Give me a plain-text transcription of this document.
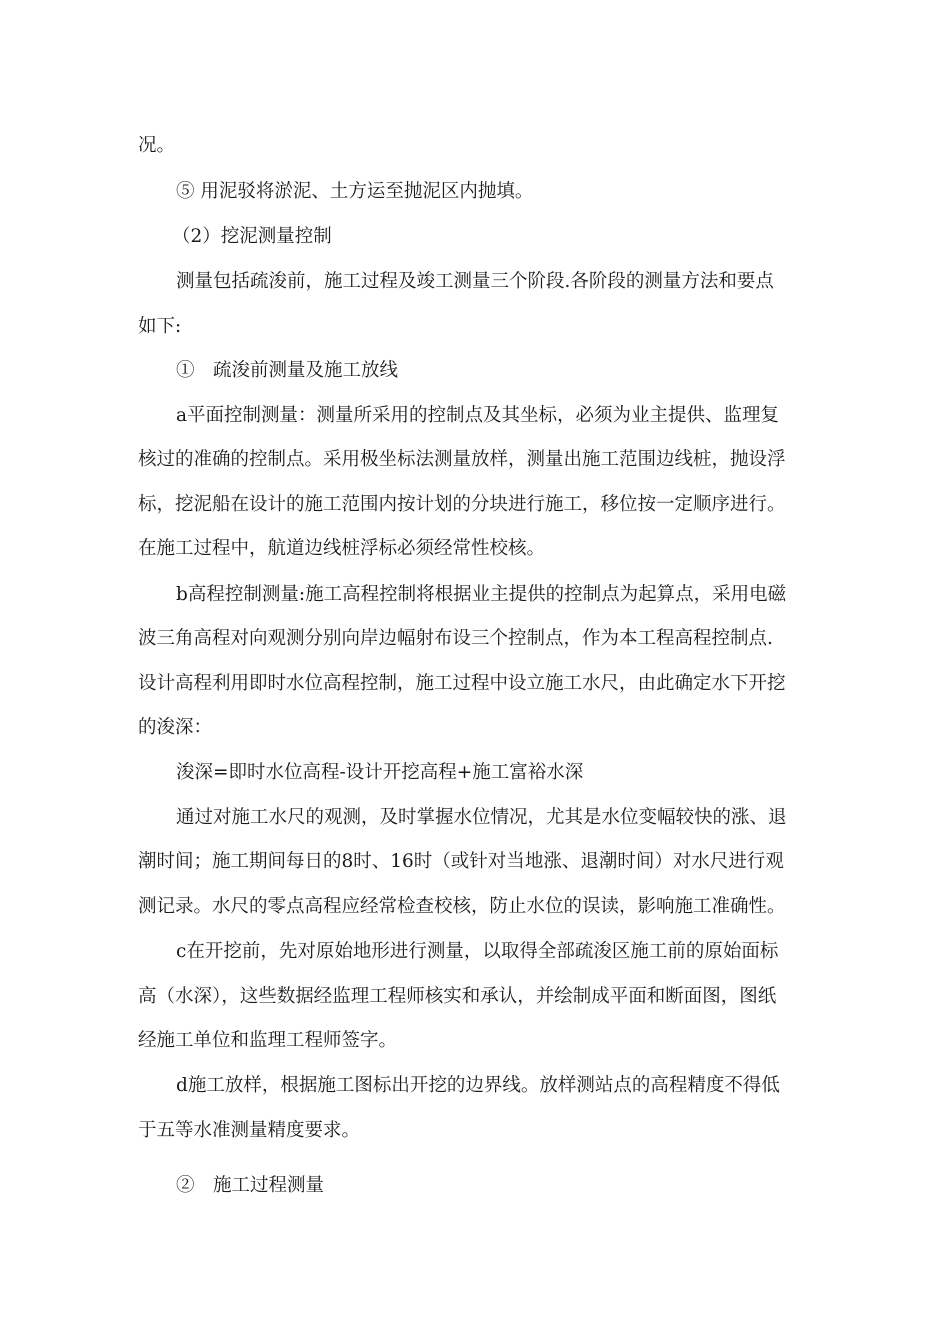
况。
⑤ 用泥驳将淤泥、土方运至抛泥区内抛填。
（2）挖泥测量控制
测量包括疏浚前，施工过程及竣工测量三个阶段.各阶段的测量方法和要点
如下:
①　疏浚前测量及施工放线
a平面控制测量：测量所采用的控制点及其坐标，必须为业主提供、监理复
核过的准确的控制点。采用极坐标法测量放样，测量出施工范围边线桩，抛设浮
标，挖泥船在设计的施工范围内按计划的分块进行施工，移位按一定顺序进行。
在施工过程中，航道边线桩浮标必须经常性校核。
b高程控制测量:施工高程控制将根据业主提供的控制点为起算点，采用电磁
波三角高程对向观测分别向岸边幅射布设三个控制点，作为本工程高程控制点.
设计高程利用即时水位高程控制，施工过程中设立施工水尺，由此确定水下开挖
的浚深：
浚深=即时水位高程-设计开挖高程+施工富裕水深
通过对施工水尺的观测，及时掌握水位情况，尤其是水位变幅较快的涨、退
潮时间；施工期间每日的8时、16时（或针对当地涨、退潮时间）对水尺进行观
测记录。水尺的零点高程应经常检查校核，防止水位的误读，影响施工准确性。
c在开挖前，先对原始地形进行测量，以取得全部疏浚区施工前的原始面标
高（水深），这些数据经监理工程师核实和承认，并绘制成平面和断面图，图纸
经施工单位和监理工程师签字。
d施工放样，根据施工图标出开挖的边界线。放样测站点的高程精度不得低
于五等水准测量精度要求。
②　施工过程测量
